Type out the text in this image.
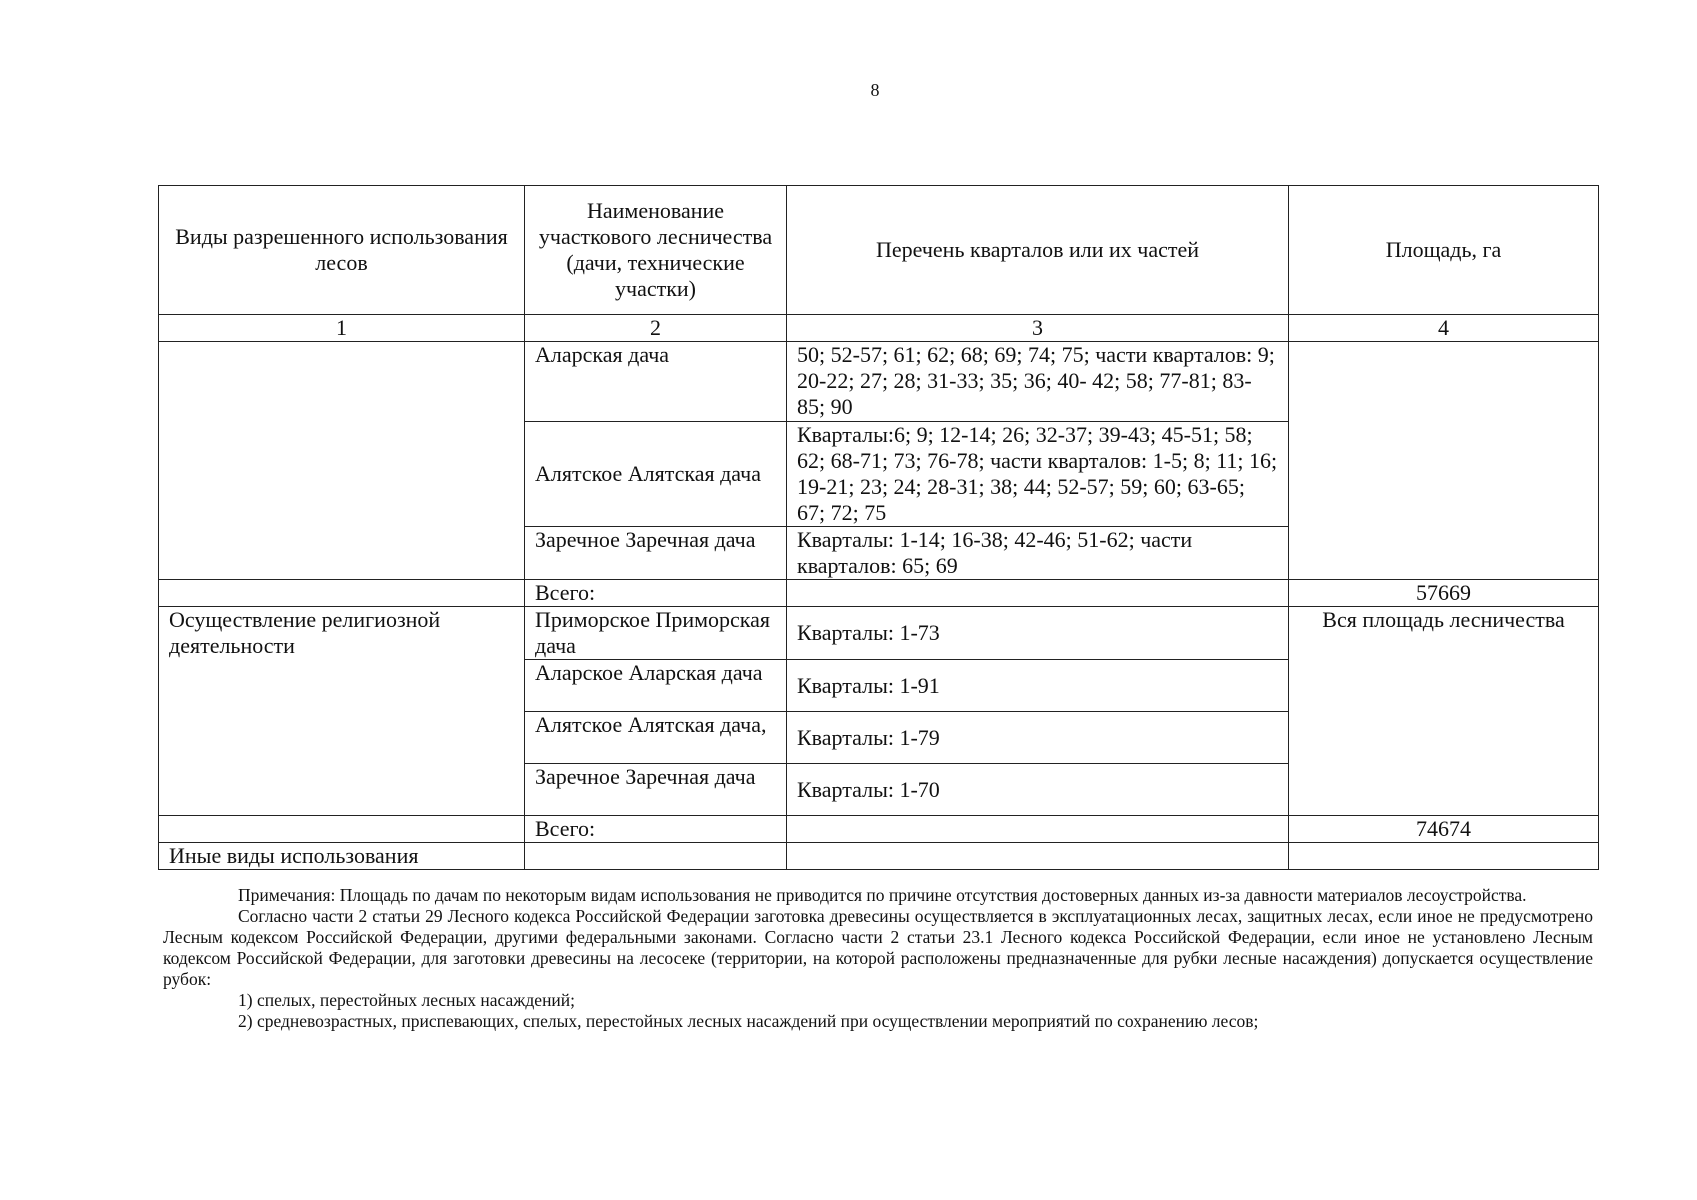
8
Виды разрешенного использования лесов	Наименование участкового лесничества (дачи, технические участки)	Перечень кварталов или их частей	Площадь, га
1	2	3	4
	Аларская дача	50; 52-57; 61; 62; 68; 69; 74; 75; части кварталов: 9; 20-22; 27; 28; 31-33; 35; 36; 40- 42; 58; 77-81; 83-85; 90	
	Алятское Алятская дача	Кварталы:6; 9; 12-14; 26; 32-37; 39-43; 45-51; 58; 62; 68-71; 73; 76-78; части кварталов: 1-5; 8; 11; 16; 19-21; 23; 24; 28-31; 38; 44; 52-57; 59; 60; 63-65; 67; 72; 75	
	Заречное Заречная дача	Кварталы: 1-14; 16-38; 42-46; 51-62; части кварталов: 65; 69	
	Всего:		57669
Осуществление религиозной деятельности	Приморское Приморская дача	Кварталы: 1-73	Вся площадь лесничества
	Аларское Аларская дача	Кварталы: 1-91	
	Алятское Алятская дача,	Кварталы: 1-79	
	Заречное Заречная дача	Кварталы: 1-70	
	Всего:		74674
Иные виды использования			

Примечания: Площадь по дачам по некоторым видам использования не приводится по причине отсутствия достоверных данных из-за давности материалов лесоустройства.

Согласно части 2 статьи 29 Лесного кодекса Российской Федерации заготовка древесины осуществляется в эксплуатационных лесах, защитных лесах, если иное не предусмотрено Лесным кодексом Российской Федерации, другими федеральными законами. Согласно части 2 статьи 23.1 Лесного кодекса Российской Федерации, если иное не установлено Лесным кодексом Российской Федерации, для заготовки древесины на лесосеке (территории, на которой расположены предназначенные для рубки лесные насаждения) допускается осуществление рубок:

1) спелых, перестойных лесных насаждений;

2) средневозрастных, приспевающих, спелых, перестойных лесных насаждений при осуществлении мероприятий по сохранению лесов;
